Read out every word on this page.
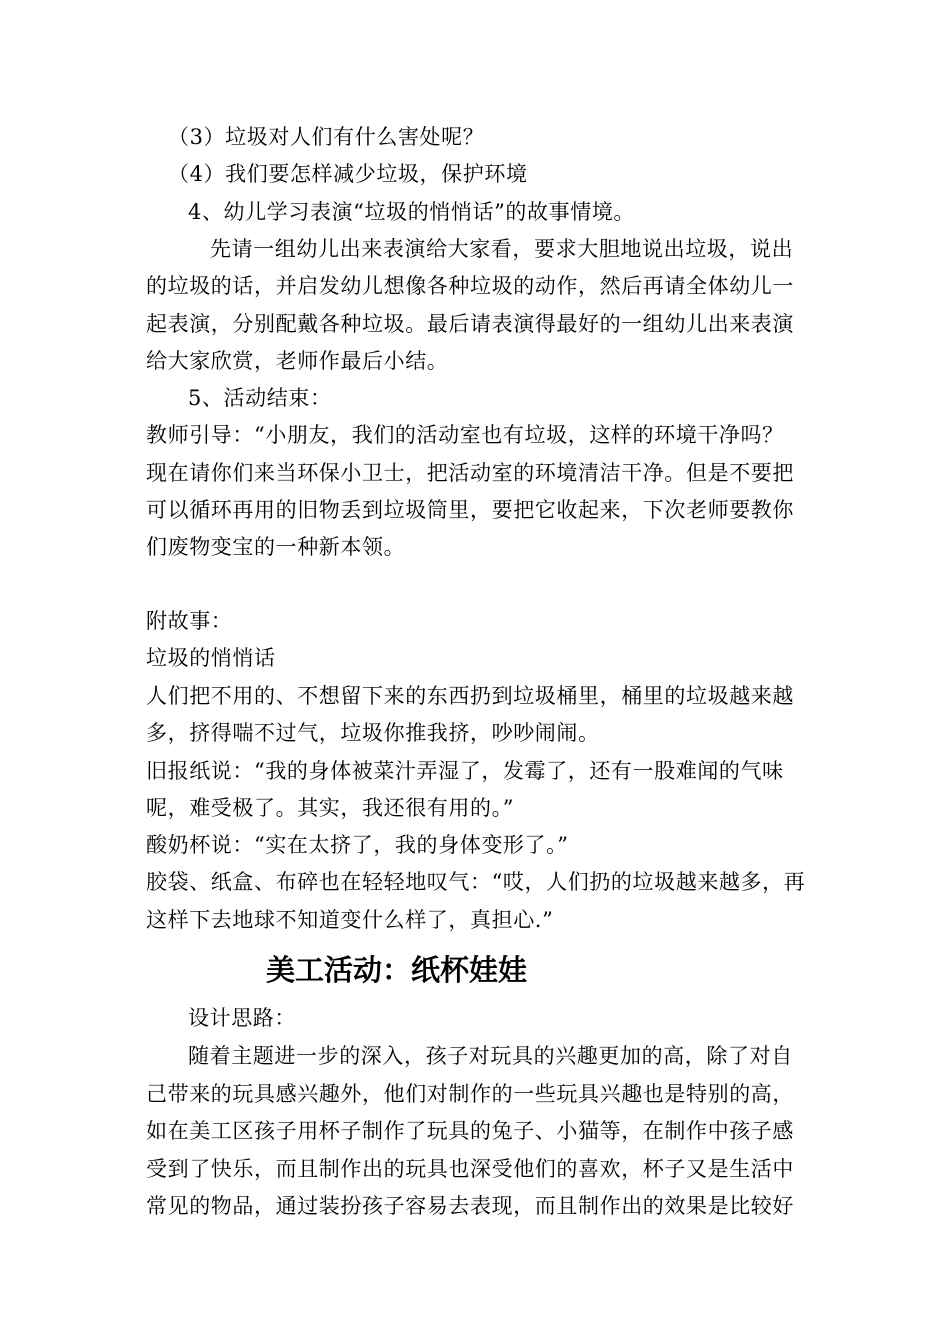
（3）垃圾对人们有什么害处呢？
（4）我们要怎样减少垃圾，保护环境
4、幼儿学习表演“垃圾的悄悄话”的故事情境。
先请一组幼儿出来表演给大家看，要求大胆地说出垃圾，说出
的垃圾的话，并启发幼儿想像各种垃圾的动作，然后再请全体幼儿一
起表演，分别配戴各种垃圾。最后请表演得最好的一组幼儿出来表演
给大家欣赏，老师作最后小结。
5、活动结束：
教师引导：“小朋友，我们的活动室也有垃圾，这样的环境干净吗？
现在请你们来当环保小卫士，把活动室的环境清洁干净。但是不要把
可以循环再用的旧物丢到垃圾筒里，要把它收起来，下次老师要教你
们废物变宝的一种新本领。
附故事：
垃圾的悄悄话
人们把不用的、不想留下来的东西扔到垃圾桶里，桶里的垃圾越来越
多，挤得喘不过气，垃圾你推我挤，吵吵闹闹。
旧报纸说：“我的身体被菜汁弄湿了，发霉了，还有一股难闻的气味
呢，难受极了。其实，我还很有用的。”
酸奶杯说：“实在太挤了，我的身体变形了。”
胶袋、纸盒、布碎也在轻轻地叹气：“哎，人们扔的垃圾越来越多，再
这样下去地球不知道变什么样了，真担心.”
美工活动：纸杯娃娃
设计思路：
随着主题进一步的深入，孩子对玩具的兴趣更加的高，除了对自
己带来的玩具感兴趣外，他们对制作的一些玩具兴趣也是特别的高，
如在美工区孩子用杯子制作了玩具的兔子、小猫等，在制作中孩子感
受到了快乐，而且制作出的玩具也深受他们的喜欢，杯子又是生活中
常见的物品，通过装扮孩子容易去表现，而且制作出的效果是比较好
